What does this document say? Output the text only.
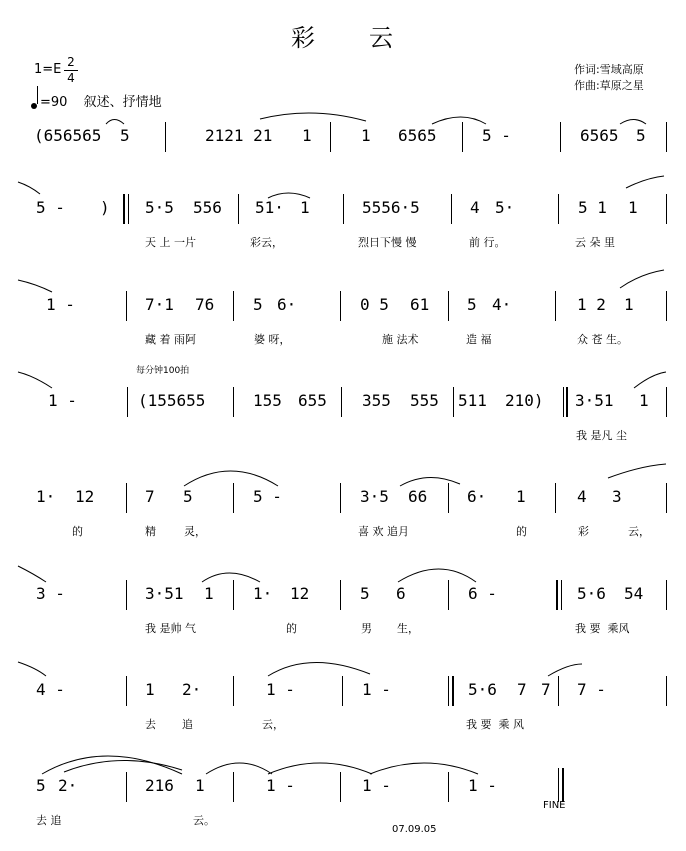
彩　　云
1=E 2
4
=90 叙述、抒情地
作词:雪域高原
作曲:草原之星
(656565 5	2121 21 1	1 6565	5 -	6565 5
5 - ) 5·5 556 51· 1	5556·5	4 5·	5 1 1
天 上 一片	彩云，	烈日下慢 慢	前 行。	云 朵 里
1 -	7·1 76 5 6·	0 5 61 5 4·	1 2 1
藏 着 雨阿	婆 呀，	施 法术	造 福	众 苍 生。
每分钟100拍
1 -	(155655	155 655 355 555 511 210) 3·51 1
我 是凡 尘
1· 12	7 5	5 -	3·5 66 6· 1	4 3
的	精	灵，	喜 欢 追月	的	彩	云，
3 -	3·51 1 1· 12	5 6	6 -	5·6 54
我 是帅 气	的	男 生，	我 要  乘风
4 -	1 2·	1 -	1 -	5·6 7 7 7 -
去 追	云，	我 要  乘 风
5 2·	216 1	1 -	1 -	1 -
FINE
去 追	云。
07.09.05
